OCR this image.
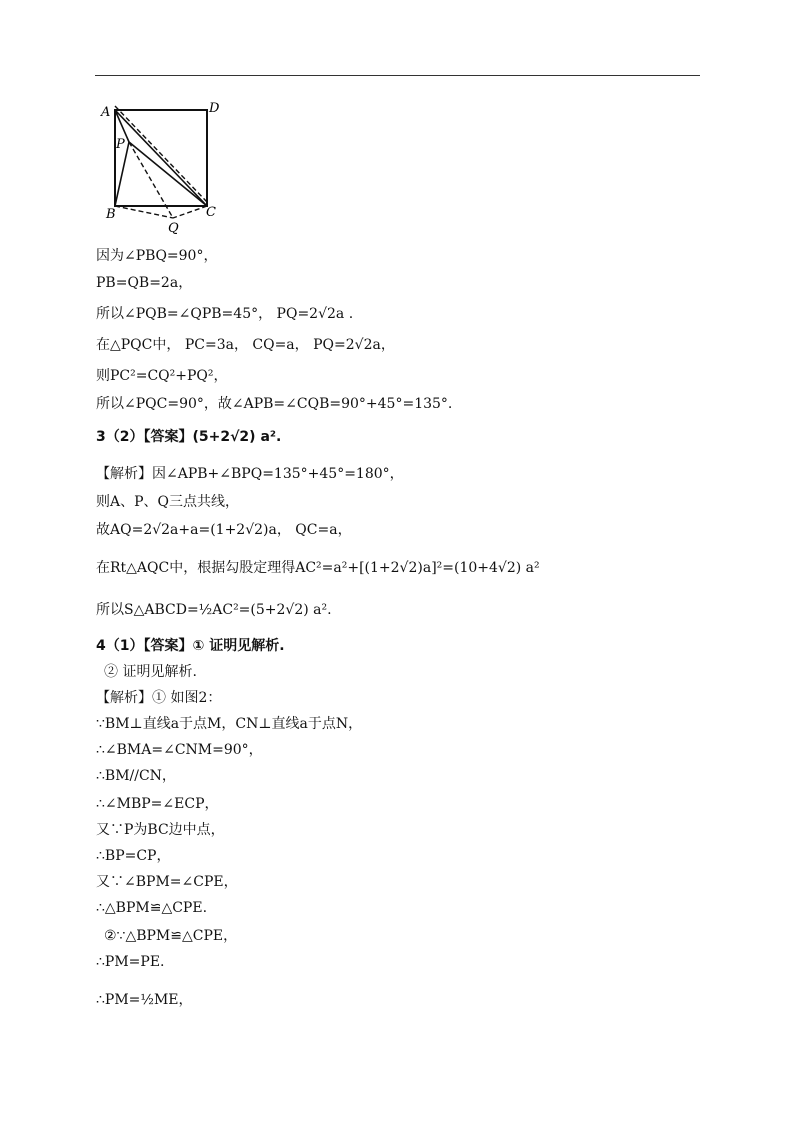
A	D
P
B	C
Q
因为∠PBQ=90°，
PB=QB=2a，
所以∠PQB=∠QPB=45°， PQ=2√2a .
在△PQC中， PC=3a， CQ=a， PQ=2√2a，
则PC²=CQ²+PQ²，
所以∠PQC=90°，故∠APB=∠CQB=90°+45°=135°.
3（2）【答案】(5+2√2) a².
【解析】因∠APB+∠BPQ=135°+45°=180°，
则A、P、Q三点共线，
故AQ=2√2a+a=(1+2√2)a， QC=a，
在Rt△AQC中，根据勾股定理得AC²=a²+[(1+2√2)a]²=(10+4√2) a²
所以S△ABCD=½AC²=(5+2√2) a².
4（1）【答案】① 证明见解析.
② 证明见解析.
【解析】① 如图2：
∵BM⊥直线a于点M，CN⊥直线a于点N，
∴∠BMA=∠CNM=90°，
∴BM//CN，
∴∠MBP=∠ECP，
又∵P为BC边中点，
∴BP=CP，
又∵∠BPM=∠CPE，
∴△BPM≌△CPE.
②∵△BPM≌△CPE，
∴PM=PE.
∴PM=½ME，
